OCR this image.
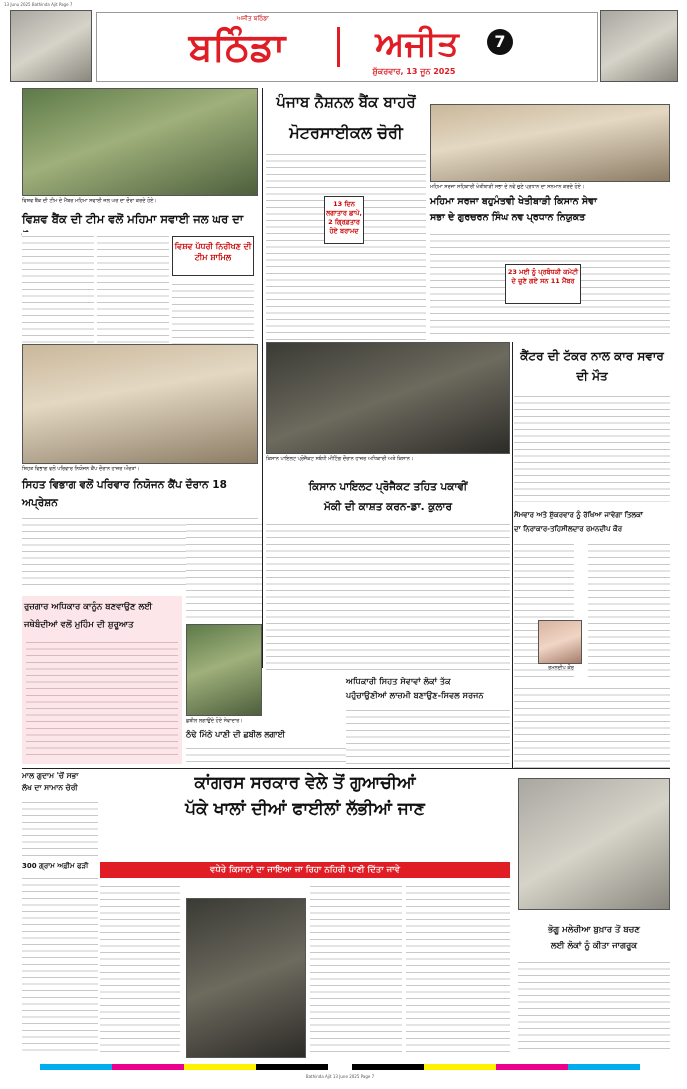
13 Junu 2025 Bathinda Ajit Page 7
ਅਜੀਤ ਬਠਿੰਡਾ
ਬਠਿੰਡਾ	ਅਜੀਤ
ਸ਼ੁੱਕਰਵਾਰ, 13 ਜੂਨ 2025
7
ਵਿਸ਼ਵ ਬੈਂਕ ਦੀ ਟੀਮ ਦੇ ਮੈਂਬਰ ਮਹਿਮਾ ਸਵਾਈ ਜਲ ਘਰ ਦਾ ਦੌਰਾ ਕਰਦੇ ਹੋਏ।
ਵਿਸ਼ਵ ਬੈਂਕ ਦੀ ਟੀਮ ਵਲੋਂ ਮਹਿਮਾ ਸਵਾਈ ਜਲ ਘਰ ਦਾ
ਵਿਸ਼ਵ ਪੱਧਰੀ ਨਿਰੀਖਣ ਦੀ ਟੀਮ ਸ਼ਾਮਿਲ
ਪੰਜਾਬ ਨੈਸ਼ਨਲ ਬੈਂਕ ਬਾਹਰੋਂ
ਮੋਟਰਸਾਈਕਲ ਚੋਰੀ
13 ਦਿਨ ਲਗਾਤਾਰ ਛਾਪੇ, 2 ਗ੍ਰਿਫ਼ਤਾਰ ਹੋਏ ਬਰਾਮਦ
ਮਹਿਮਾ ਸਰਜਾ ਸਹਿਕਾਰੀ ਖੇਤੀਬਾੜੀ ਸਭਾ ਦੇ ਨਵੇਂ ਚੁਣੇ ਪ੍ਰਧਾਨ ਦਾ ਸਨਮਾਨ ਕਰਦੇ ਹੋਏ।
ਮਹਿਮਾ ਸਰਜਾ ਬਹੁਮੰਤਵੀ ਖੇਤੀਬਾੜੀ ਕਿਸਾਨ ਸੇਵਾ
ਸਭਾ ਦੇ ਗੁਰਚਰਨ ਸਿੰਘ ਨਵ ਪ੍ਰਧਾਨ ਨਿਯੁਕਤ
23 ਮਈ ਨੂੰ ਪ੍ਰਬੰਧਕੀ ਕਮੇਟੀ ਦੇ ਚੁਣੇ ਗਏ ਸਨ 11 ਮੈਂਬਰ
ਸ਼ਿਹਤ ਵਿਭਾਗ ਵਲੋਂ ਪਰਿਵਾਰ ਨਿਯੋਜਨ ਕੈਂਪ ਦੌਰਾਨ ਹਾਜ਼ਰ ਔਰਤਾਂ।
ਸਿਹਤ ਵਿਭਾਗ ਵਲੋਂ ਪਰਿਵਾਰ ਨਿਯੋਜਨ ਕੈਂਪ ਦੌਰਾਨ 18 ਅਪ੍ਰੇਸ਼ਨ
ਕਿਸਾਨ ਪਾਇਲਟ ਪ੍ਰੋਜੈਕਟ ਸਬੰਧੀ ਮੀਟਿੰਗ ਦੌਰਾਨ ਹਾਜ਼ਰ ਅਧਿਕਾਰੀ ਅਤੇ ਕਿਸਾਨ।
ਕਿਸਾਨ ਪਾਇਲਟ ਪ੍ਰੋਜੈਕਟ ਤਹਿਤ ਪਕਾਵੀਂ
ਮੱਕੀ ਦੀ ਕਾਸ਼ਤ ਕਰਨ-ਡਾ. ਕੁਲਾਰ
ਕੈਂਟਰ ਦੀ ਟੱਕਰ ਨਾਲ ਕਾਰ ਸਵਾਰ ਦੀ ਮੌਤ
ਸੋਮਵਾਰ ਅਤੇ ਸ਼ੁੱਕਰਵਾਰ ਨੂੰ ਰੱਖਿਆ ਜਾਵੇਗਾ ਤਿਲਕਾਂ
ਦਾ ਨਿਰਾਕਾਰ-ਤਹਿਸੀਲਦਾਰ ਰਮਨਦੀਪ ਕੌਰ
ਰਮਨਦੀਪ ਕੌਰ
ਰੁਜ਼ਗਾਰ ਅਧਿਕਾਰ ਕਾਨੂੰਨ ਬਣਵਾਉਣ ਲਈ
ਜਥੇਬੰਦੀਆਂ ਵਲੋਂ ਮੁਹਿੰਮ ਦੀ ਸ਼ੁਰੂਆਤ
ਛਬੀਲ ਲਗਾਉਂਦੇ ਹੋਏ ਸੇਵਾਦਾਰ।
ਠੰਢੇ ਮਿੱਠੇ ਪਾਣੀ ਦੀ ਛਬੀਲ ਲਗਾਈ
ਅਧਿਕਾਰੀ ਸਿਹਤ ਸੇਵਾਵਾਂ ਲੋਕਾਂ ਤੱਕ
ਪਹੁੰਚਾਉਣੀਆਂ ਲਾਜ਼ਮੀ ਬਣਾਉਣ-ਸਿਵਲ ਸਰਜਨ
ਮਾਲ ਗੁਦਾਮ 'ਚੋਂ ਸਭਾ
ਲੱਖ ਦਾ ਸਾਮਾਨ ਚੋਰੀ
300 ਗ੍ਰਾਮ ਅਫ਼ੀਮ ਫੜੀ
ਕਾਂਗਰਸ ਸਰਕਾਰ ਵੇਲੇ ਤੋਂ ਗੁਆਚੀਆਂ
ਪੱਕੇ ਖਾਲਾਂ ਦੀਆਂ ਫਾਈਲਾਂ ਲੱਭੀਆਂ ਜਾਣ
ਵਧੇਰੇ ਕਿਸਾਨਾਂ ਦਾ ਜਾਇਆ ਜਾ ਰਿਹਾ ਨਹਿਰੀ ਪਾਣੀ ਦਿੱਤਾ ਜਾਵੇ
ਭੋਗੂ ਮਲੇਰੀਆ ਬੁਖ਼ਾਰ ਤੋਂ ਬਚਣ
ਲਈ ਲੋਕਾਂ ਨੂੰ ਕੀਤਾ ਜਾਗਰੂਕ
Bathinda Ajit 13 June 2025 Page 7
